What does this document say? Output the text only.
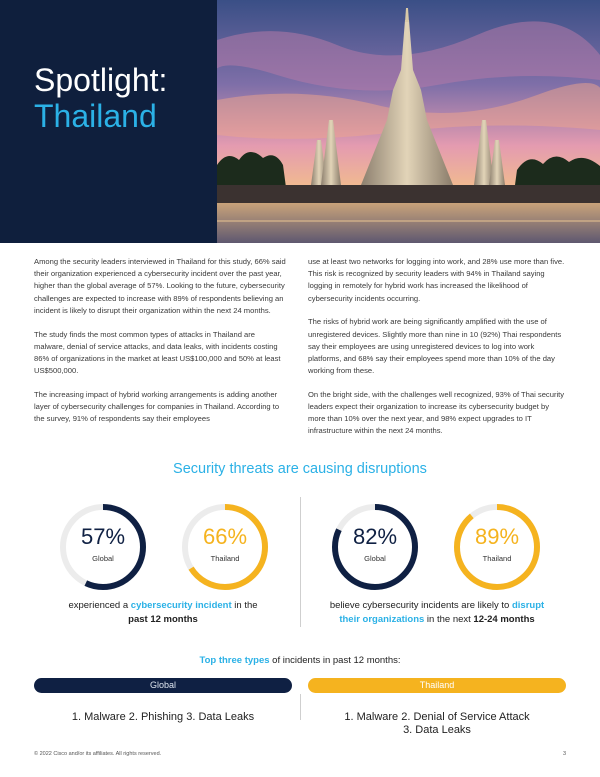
Spotlight:
Thailand

Among the security leaders interviewed in Thailand for this study, 66% said their organization experienced a cybersecurity incident over the past year, higher than the global average of 57%. Looking to the future, cybersecurity challenges are expected to increase with 89% of respondents believing an incident is likely to disrupt their organization within the next 24 months.

The study finds the most common types of attacks in Thailand are malware, denial of service attacks, and data leaks, with incidents costing 86% of organizations in the market at least US$100,000 and 50% at least US$500,000.

The increasing impact of hybrid working arrangements is adding another layer of cybersecurity challenges for companies in Thailand. According to the survey, 91% of respondents say their employees

use at least two networks for logging into work, and 28% use more than five. This risk is recognized by security leaders with 94% in Thailand saying logging in remotely for hybrid work has increased the likelihood of cybersecurity incidents occurring.

The risks of hybrid work are being significantly amplified with the use of unregistered devices. Slightly more than nine in 10 (92%) Thai respondents say their employees are using unregistered devices to log into work platforms, and 68% say their employees spend more than 10% of the day working from these.

On the bright side, with the challenges well recognized, 93% of Thai security leaders expect their organization to increase its cybersecurity budget by more than 10% over the next year, and 98% expect upgrades to IT infrastructure within the next 24 months.

Security threats are causing disruptions
57%
Global
66%
Thailand
82%
Global
89%
Thailand
experienced a cybersecurity incident in the
past 12 months
believe cybersecurity incidents are likely to disrupt
their organizations in the next 12-24 months
Top three types of incidents in past 12 months:
Global	Thailand
1. Malware 2. Phishing 3. Data Leaks	1. Malware 2. Denial of Service Attack
3. Data Leaks
© 2022 Cisco and/or its affiliates. All rights reserved.	3
